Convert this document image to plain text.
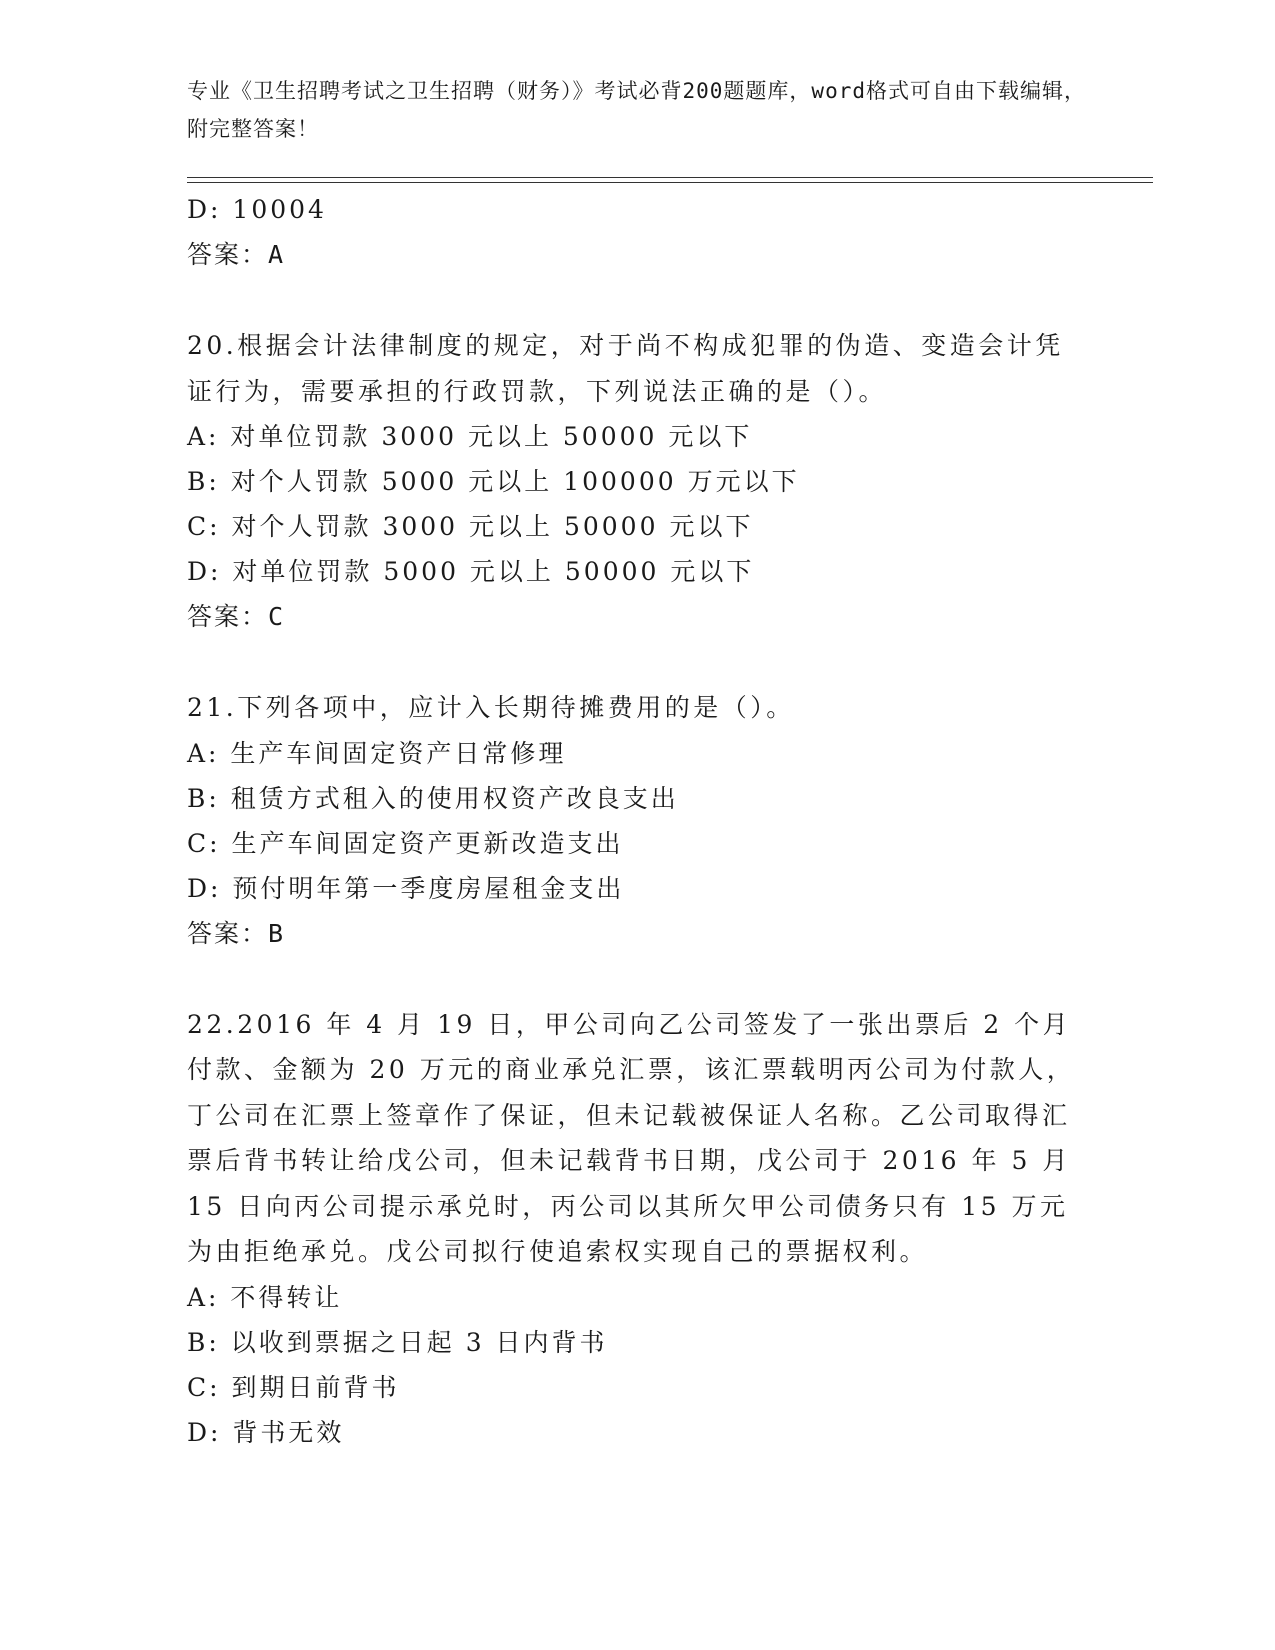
专业《卫生招聘考试之卫生招聘（财务）》考试必背200题题库，word格式可自由下载编辑，附完整答案！
D: 10004
答案：A
20.根据会计法律制度的规定，对于尚不构成犯罪的伪造、变造会计凭证行为，需要承担的行政罚款，下列说法正确的是（）。
A: 对单位罚款 3000 元以上 50000 元以下
B: 对个人罚款 5000 元以上 100000 万元以下
C: 对个人罚款 3000 元以上 50000 元以下
D: 对单位罚款 5000 元以上 50000 元以下
答案：C
21.下列各项中，应计入长期待摊费用的是（）。
A: 生产车间固定资产日常修理
B: 租赁方式租入的使用权资产改良支出
C: 生产车间固定资产更新改造支出
D: 预付明年第一季度房屋租金支出
答案：B
22.2016 年 4 月 19 日，甲公司向乙公司签发了一张出票后 2 个月付款、金额为 20 万元的商业承兑汇票，该汇票载明丙公司为付款人，丁公司在汇票上签章作了保证，但未记载被保证人名称。乙公司取得汇票后背书转让给戊公司，但未记载背书日期，戊公司于 2016 年 5 月 15 日向丙公司提示承兑时，丙公司以其所欠甲公司债务只有 15 万元为由拒绝承兑。戊公司拟行使追索权实现自己的票据权利。
A: 不得转让
B: 以收到票据之日起 3 日内背书
C: 到期日前背书
D: 背书无效
